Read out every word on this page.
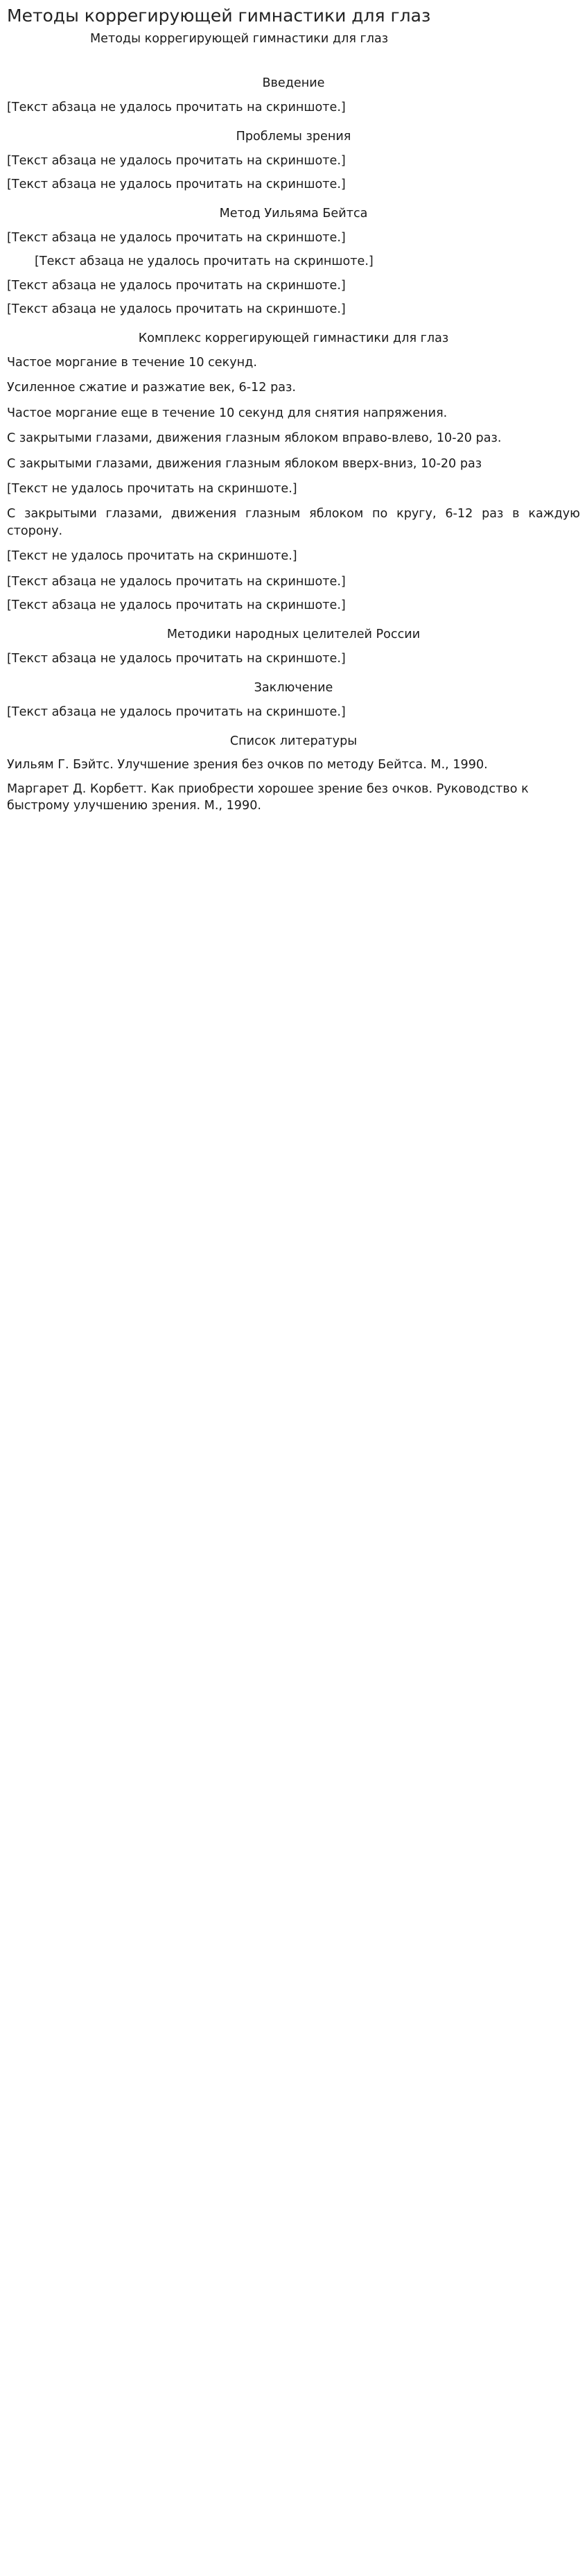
Методы коррегирующей гимнастики для глаз
Методы коррегирующей гимнастики для глаз
Введение

[Текст абзаца не удалось прочитать на скриншоте.]

Проблемы зрения

[Текст абзаца не удалось прочитать на скриншоте.]

[Текст абзаца не удалось прочитать на скриншоте.]

Метод Уильяма Бейтса

[Текст абзаца не удалось прочитать на скриншоте.]

[Текст абзаца не удалось прочитать на скриншоте.]

[Текст абзаца не удалось прочитать на скриншоте.]

[Текст абзаца не удалось прочитать на скриншоте.]

Комплекс коррегирующей гимнастики для глаз

Частое моргание в течение 10 секунд.

Усиленное сжатие и разжатие век, 6-12 раз.

Частое моргание еще в течение 10 секунд для снятия напряжения.

С закрытыми глазами, движения глазным яблоком вправо-влево, 10-20 раз.

С закрытыми глазами, движения глазным яблоком вверх-вниз, 10-20 раз

[Текст не удалось прочитать на скриншоте.]

С закрытыми глазами, движения глазным яблоком по кругу, 6-12 раз в каждую сторону.

[Текст не удалось прочитать на скриншоте.]

[Текст абзаца не удалось прочитать на скриншоте.]

[Текст абзаца не удалось прочитать на скриншоте.]

Методики народных целителей России

[Текст абзаца не удалось прочитать на скриншоте.]

Заключение

[Текст абзаца не удалось прочитать на скриншоте.]

Список литературы

Уильям Г. Бэйтс. Улучшение зрения без очков по методу Бейтса. М., 1990.

Маргарет Д. Корбетт. Как приобрести хорошее зрение без очков. Руководство к быстрому улучшению зрения. М., 1990.
